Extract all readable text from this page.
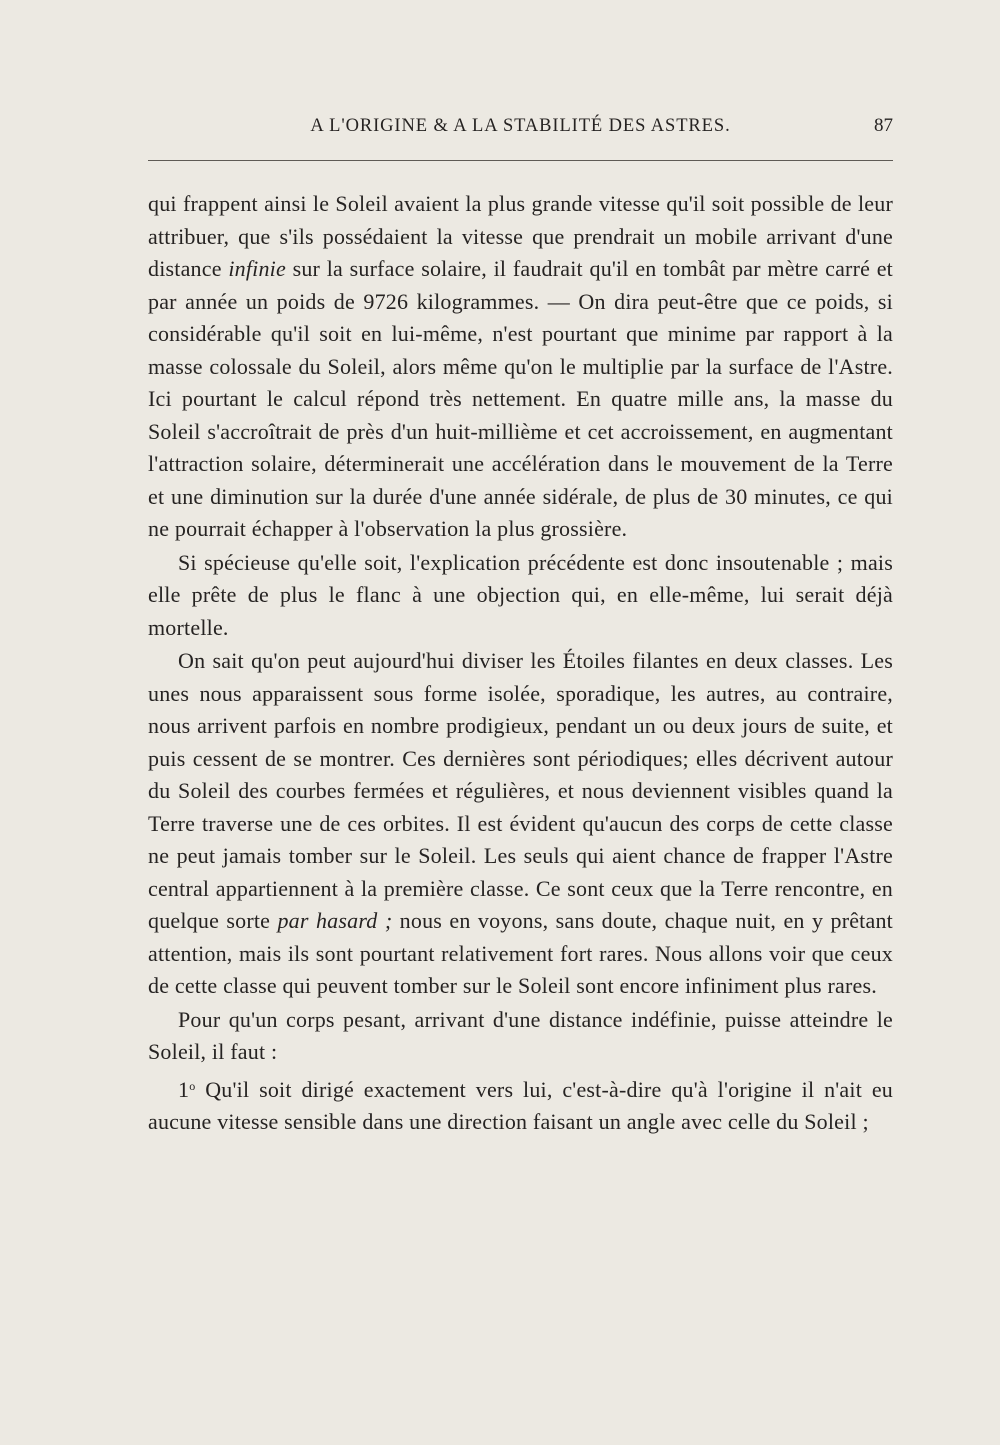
A L'ORIGINE & A LA STABILITÉ DES ASTRES.	87

qui frappent ainsi le Soleil avaient la plus grande vitesse qu'il soit possible de leur attribuer, que s'ils possédaient la vitesse que prendrait un mobile arrivant d'une distance infinie sur la surface solaire, il faudrait qu'il en tombât par mètre carré et par année un poids de 9726 kilogrammes. — On dira peut-être que ce poids, si considérable qu'il soit en lui-même, n'est pourtant que minime par rapport à la masse colossale du Soleil, alors même qu'on le multiplie par la surface de l'Astre. Ici pourtant le calcul répond très nettement. En quatre mille ans, la masse du Soleil s'accroîtrait de près d'un huit-millième et cet accroissement, en augmentant l'attraction solaire, déterminerait une accélération dans le mouvement de la Terre et une diminution sur la durée d'une année sidérale, de plus de 30 minutes, ce qui ne pourrait échapper à l'observation la plus grossière.

Si spécieuse qu'elle soit, l'explication précédente est donc insoutenable ; mais elle prête de plus le flanc à une objection qui, en elle-même, lui serait déjà mortelle.

On sait qu'on peut aujourd'hui diviser les Étoiles filantes en deux classes. Les unes nous apparaissent sous forme isolée, sporadique, les autres, au contraire, nous arrivent parfois en nombre prodigieux, pendant un ou deux jours de suite, et puis cessent de se montrer. Ces dernières sont périodiques; elles décrivent autour du Soleil des courbes fermées et régulières, et nous deviennent visibles quand la Terre traverse une de ces orbites. Il est évident qu'aucun des corps de cette classe ne peut jamais tomber sur le Soleil. Les seuls qui aient chance de frapper l'Astre central appartiennent à la première classe. Ce sont ceux que la Terre rencontre, en quelque sorte par hasard ; nous en voyons, sans doute, chaque nuit, en y prêtant attention, mais ils sont pourtant relativement fort rares. Nous allons voir que ceux de cette classe qui peuvent tomber sur le Soleil sont encore infiniment plus rares.

Pour qu'un corps pesant, arrivant d'une distance indéfinie, puisse atteindre le Soleil, il faut :

1$^o$ Qu'il soit dirigé exactement vers lui, c'est-à-dire qu'à l'origine il n'ait eu aucune vitesse sensible dans une direction faisant un angle avec celle du Soleil ;
